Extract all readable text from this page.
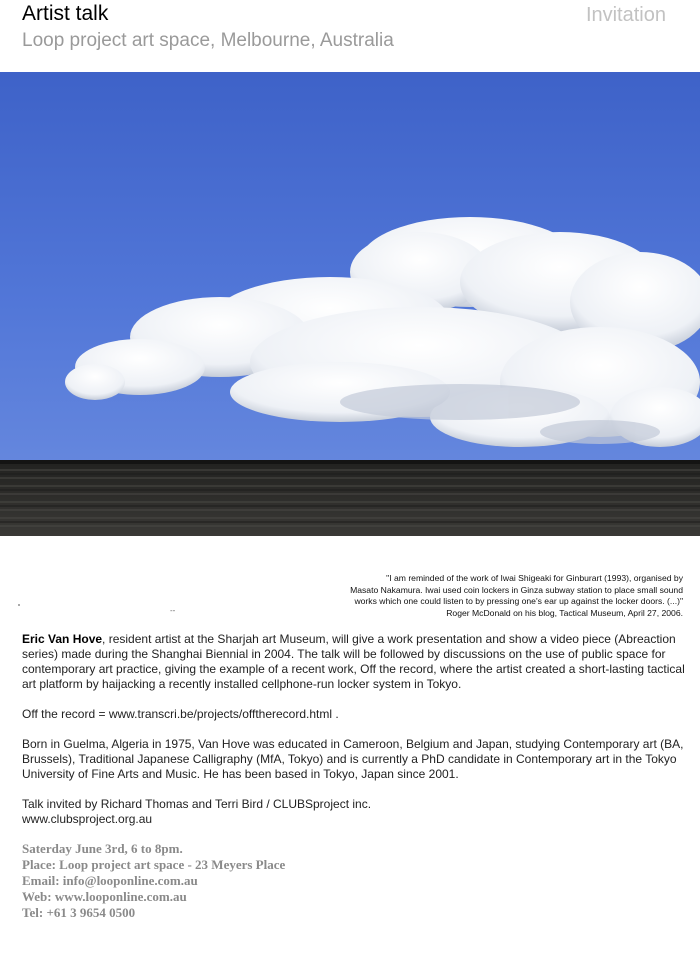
Artist talk
Loop project art space, Melbourne, Australia
Invitation
"I am reminded of the work of Iwai Shigeaki for Ginburart (1993), organised by
Masato Nakamura. Iwai used coin lockers in Ginza subway station to place small sound
works which one could listen to by pressing one's ear up against the locker doors. (...)"
Roger McDonald on his blog, Tactical Museum, April 27, 2006.
--

Eric Van Hove, resident artist at the Sharjah art Museum, will give a work presentation and show a video piece (Abreaction series) made during the Shanghai Biennial in 2004. The talk will be followed by discussions on the use of public space for contemporary art practice, giving the example of a recent work, Off the record, where the artist created a short-lasting tactical art platform by haijacking a recently installed cellphone-run locker system in Tokyo.

Off the record = www.transcri.be/projects/offtherecord.html .

Born in Guelma, Algeria in 1975, Van Hove was educated in Cameroon, Belgium and Japan, studying Contemporary art (BA, Brussels), Traditional Japanese Calligraphy (MfA, Tokyo) and is currently a PhD candidate in Contemporary art in the Tokyo University of Fine Arts and Music. He has been based in Tokyo, Japan since 2001.

Talk invited by Richard Thomas and Terri Bird / CLUBSproject inc.
www.clubsproject.org.au

Saterday June 3rd, 6 to 8pm.
Place: Loop project art space - 23 Meyers Place
Email: info@looponline.com.au
Web: www.looponline.com.au
Tel: +61 3 9654 0500
